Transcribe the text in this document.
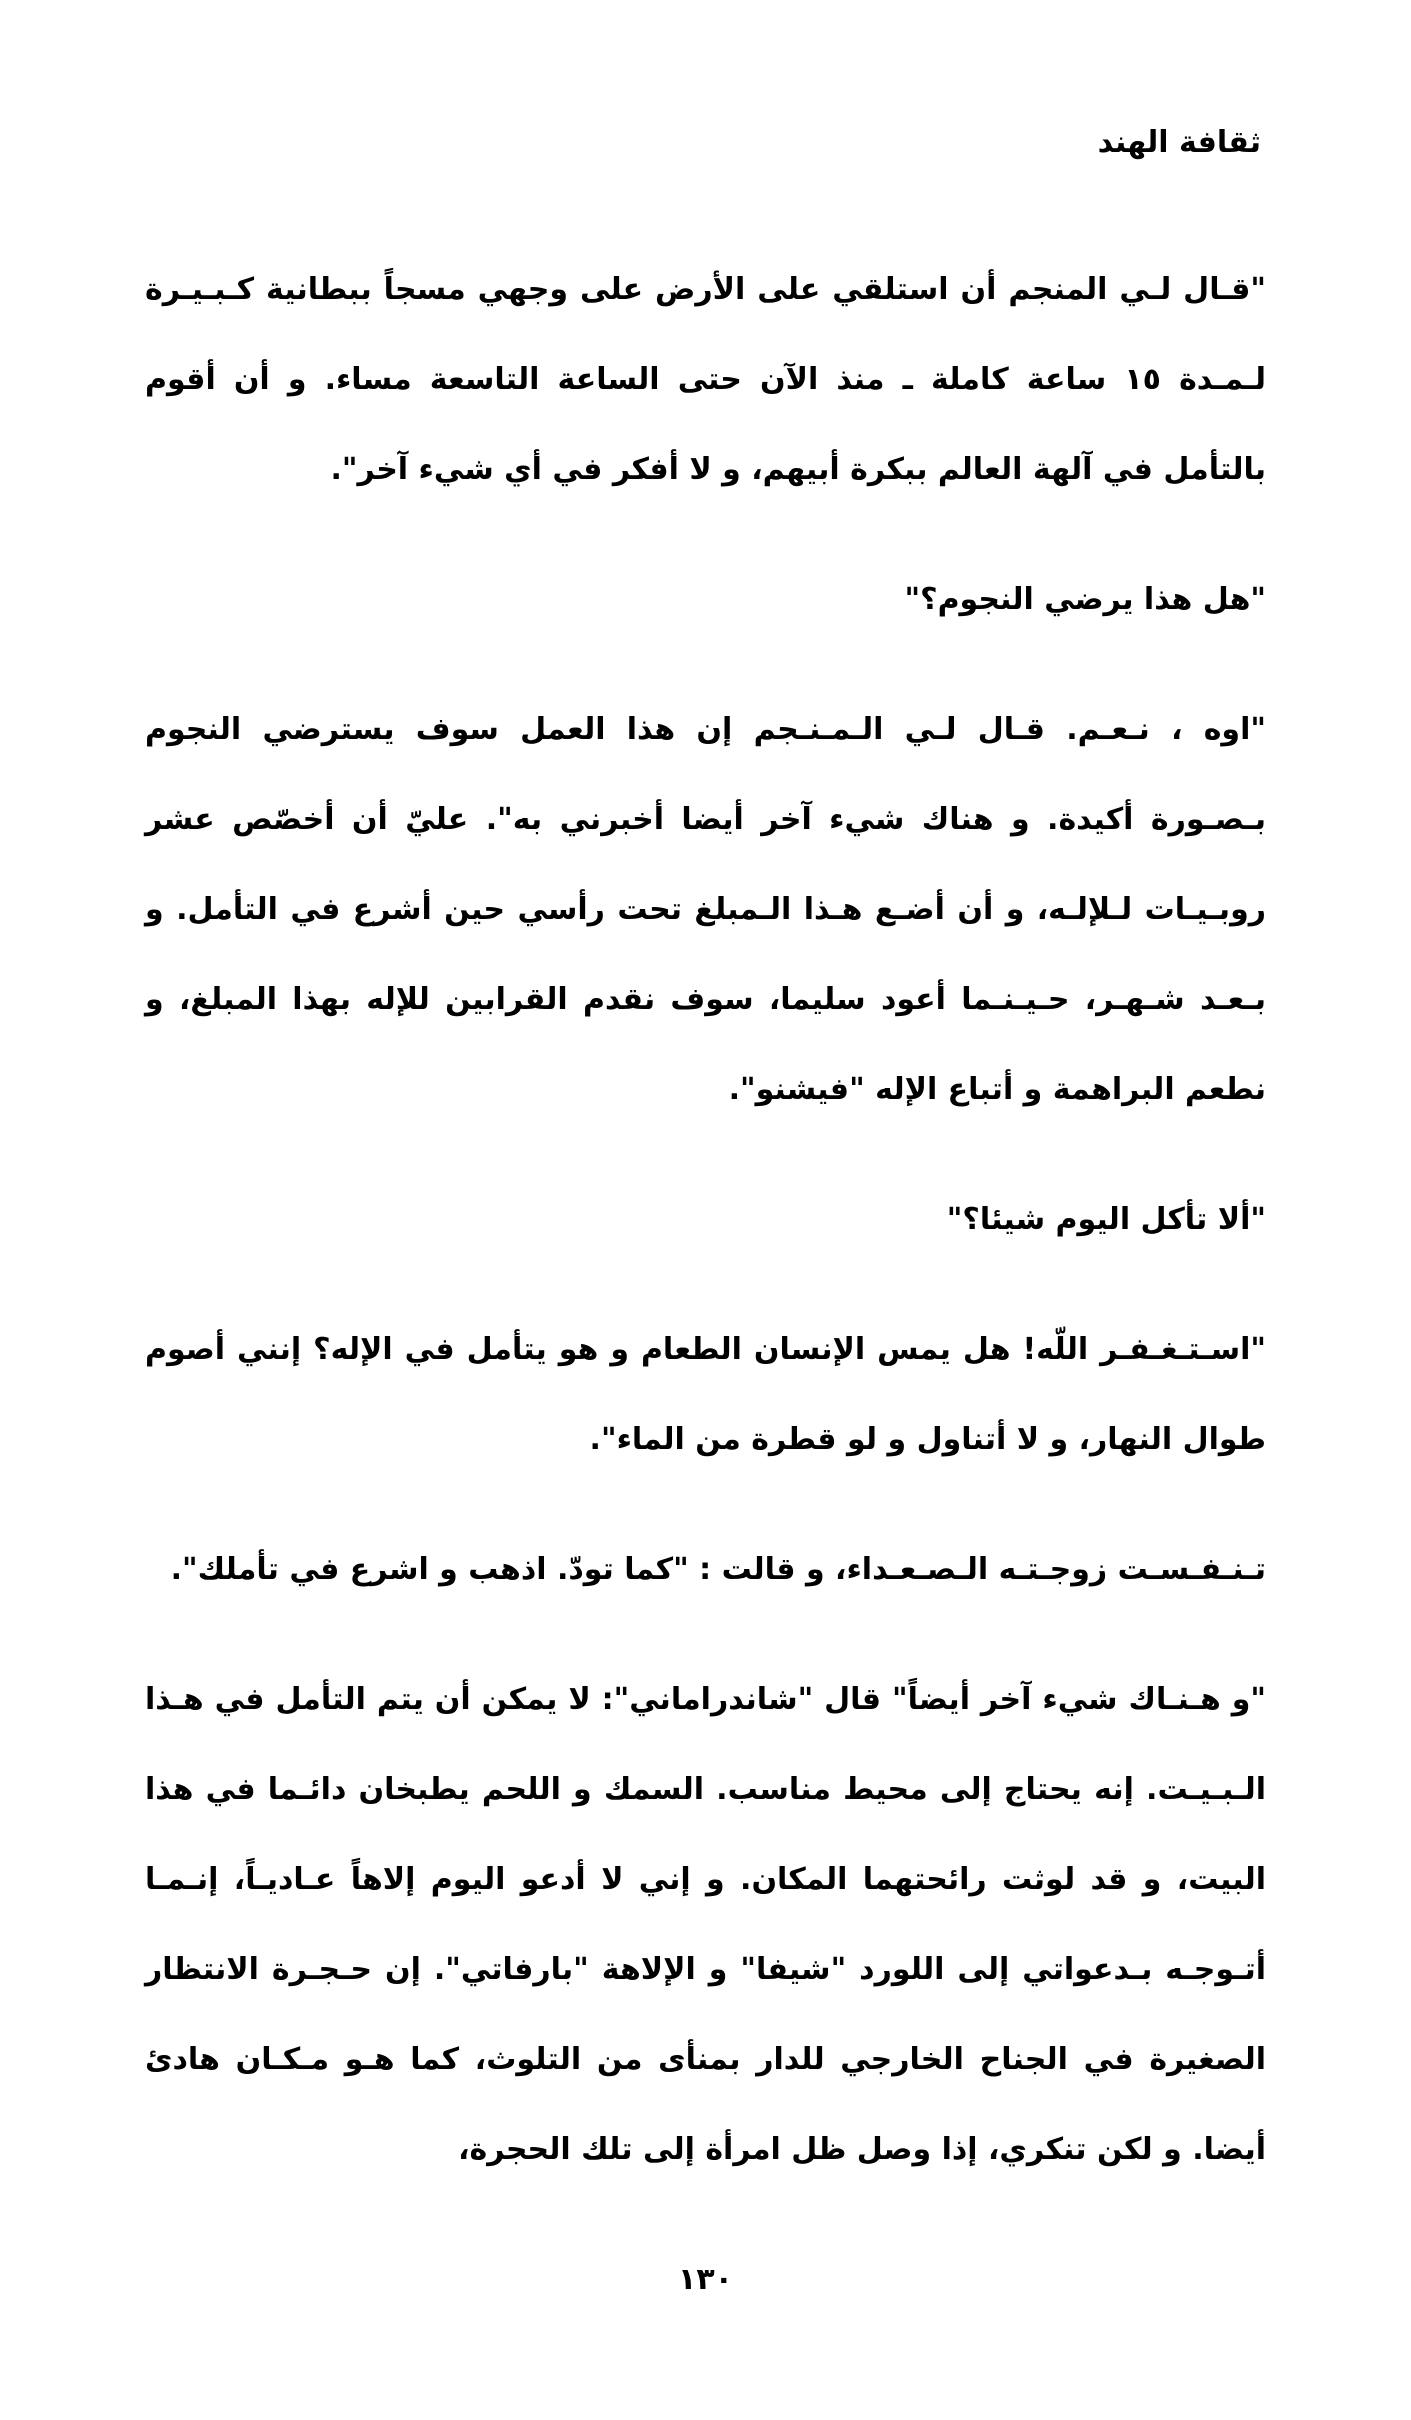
ثقافة الهند

"قـال لـي المنجم أن استلقي على الأرض على وجهي مسجاً ببطانية كـبـيـرة لـمـدة ١٥ ساعة كاملة ـ منذ الآن حتى الساعة التاسعة مساء. و أن أقوم بالتأمل في آلهة العالم ببكرة أبيهم، و لا أفكر في أي شيء آخر".

"هل هذا يرضي النجوم؟"

"اوه ، نـعـم. قـال لـي الـمـنـجم إن هذا العمل سوف يسترضي النجوم بـصـورة أكيدة. و هناك شيء آخر أيضا أخبرني به". عليّ أن أخصّص عشر روبـيـات لـلإلـه، و أن أضـع هـذا الـمبلغ تحت رأسي حين أشرع في التأمل. و بـعـد شـهـر، حـيـنـما أعود سليما، سوف نقدم القرابين للإله بهذا المبلغ، و نطعم البراهمة و أتباع الإله "فيشنو".

"ألا تأكل اليوم شيئا؟"

"اسـتـغـفـر اللّه! هل يمس الإنسان الطعام و هو يتأمل في الإله؟ إنني أصوم طوال النهار، و لا أتناول و لو قطرة من الماء".

تـنـفـسـت زوجـتـه الـصـعـداء، و قالت : "كما تودّ. اذهب و اشرع في تأملك".

"و هـنـاك شيء آخر أيضاً" قال "شاندراماني": لا يمكن أن يتم التأمل في هـذا الـبـيـت. إنه يحتاج إلى محيط مناسب. السمك و اللحم يطبخان دائـما في هذا البيت، و قد لوثت رائحتهما المكان. و إني لا أدعو اليوم إلاهاً عـاديـاً، إنـمـا أتـوجـه بـدعواتي إلى اللورد "شيفا" و الإلاهة "بارفاتي". إن حـجـرة الانتظار الصغيرة في الجناح الخارجي للدار بمنأى من التلوث، كما هـو مـكـان هادئ أيضا. و لكن تنكري، إذا وصل ظل امرأة إلى تلك الحجرة،

١٣٠
